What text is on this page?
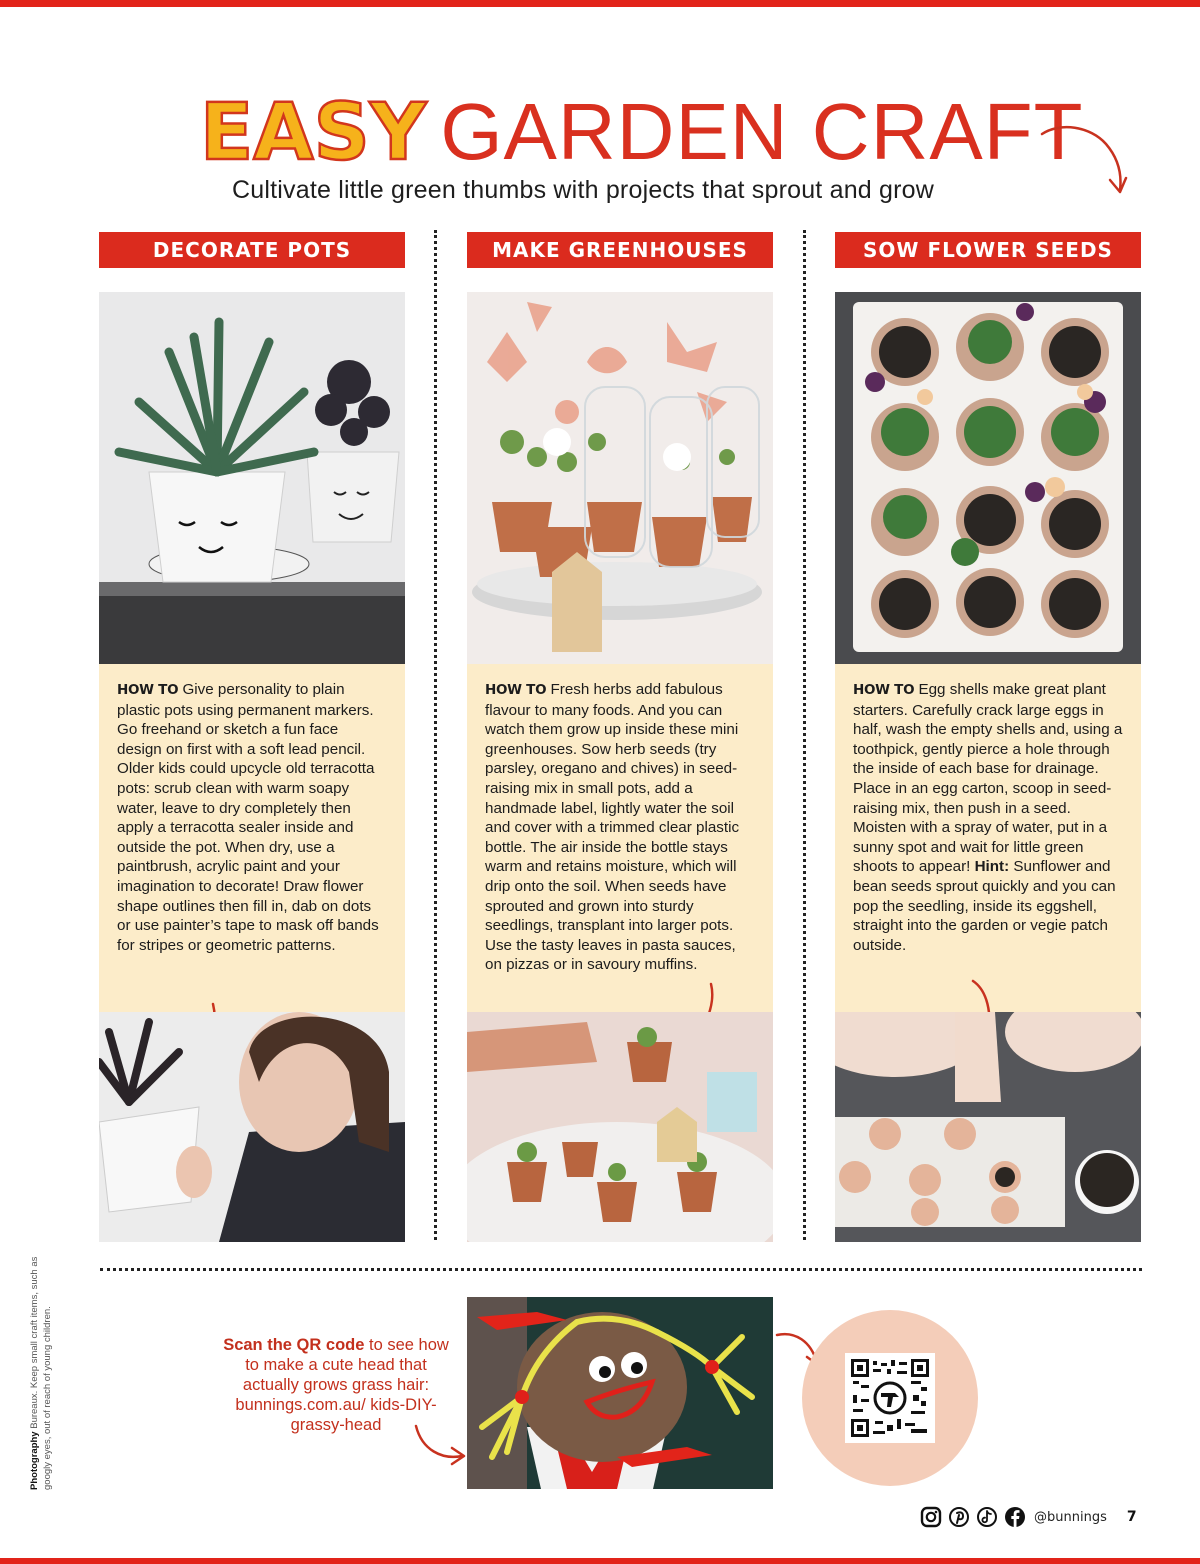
EASY GARDEN CRAFT
Cultivate little green thumbs with projects that sprout and grow
DECORATE POTS
HOW TO Give personality to plain plastic pots using permanent markers. Go freehand or sketch a fun face design on first with a soft lead pencil. Older kids could upcycle old terracotta pots: scrub clean with warm soapy water, leave to dry completely then apply a terracotta sealer inside and outside the pot. When dry, use a paintbrush, acrylic paint and your imagination to decorate! Draw flower shape outlines then fill in, dab on dots or use painter’s tape to mask off bands for stripes or geometric patterns.
MAKE GREENHOUSES
HOW TO Fresh herbs add fabulous flavour to many foods. And you can watch them grow up inside these mini greenhouses. Sow herb seeds (try parsley, oregano and chives) in seed-raising mix in small pots, add a handmade label, lightly water the soil and cover with a trimmed clear plastic bottle. The air inside the bottle stays warm and retains moisture, which will drip onto the soil. When seeds have sprouted and grown into sturdy seedlings, transplant into larger pots. Use the tasty leaves in pasta sauces, on pizzas or in savoury muffins.
SOW FLOWER SEEDS
HOW TO Egg shells make great plant starters. Carefully crack large eggs in half, wash the empty shells and, using a toothpick, gently pierce a hole through the inside of each base for drainage. Place in an egg carton, scoop in seed-raising mix, then push in a seed. Moisten with a spray of water, put in a sunny spot and wait for little green shoots to appear! Hint: Sunflower and bean seeds sprout quickly and you can pop the seedling, inside its eggshell, straight into the garden or vegie patch outside.
Photography Bureaux. Keep small craft items, such as googly eyes, out of reach of young children.	Scan the QR code to see how to make a cute head that actually grows grass hair: bunnings.com.au/ kids-DIY-grassy-head
@bunnings 7
